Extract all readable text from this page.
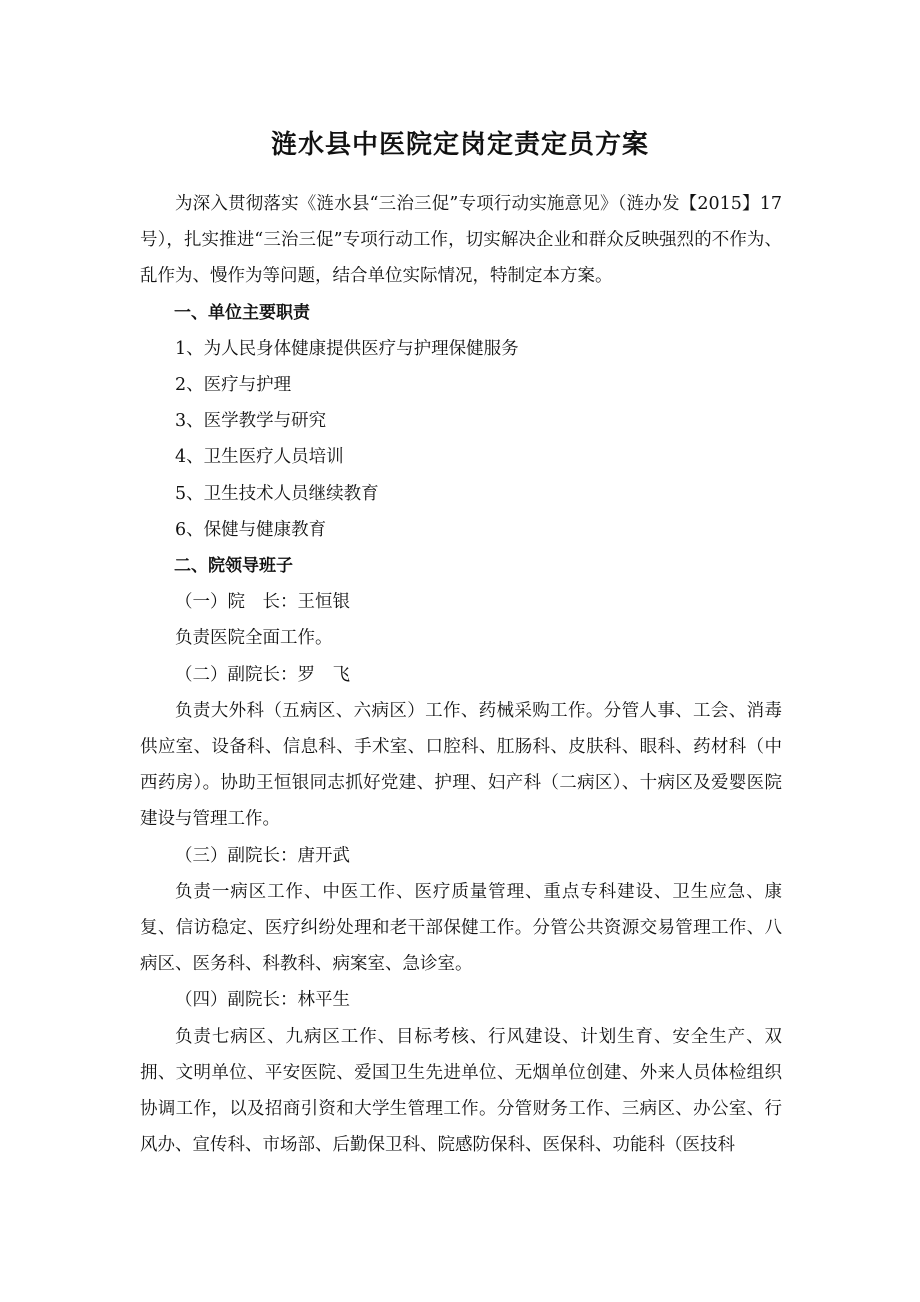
涟水县中医院定岗定责定员方案

为深入贯彻落实《涟水县“三治三促”专项行动实施意见》（涟办发【2015】17号），扎实推进“三治三促”专项行动工作，切实解决企业和群众反映强烈的不作为、乱作为、慢作为等问题，结合单位实际情况，特制定本方案。

一、单位主要职责

1、为人民身体健康提供医疗与护理保健服务

2、医疗与护理

3、医学教学与研究

4、卫生医疗人员培训

5、卫生技术人员继续教育

6、保健与健康教育

二、院领导班子

（一）院　长：王恒银

负责医院全面工作。

（二）副院长：罗　飞

负责大外科（五病区、六病区）工作、药械采购工作。分管人事、工会、消毒供应室、设备科、信息科、手术室、口腔科、肛肠科、皮肤科、眼科、药材科（中西药房）。协助王恒银同志抓好党建、护理、妇产科（二病区）、十病区及爱婴医院建设与管理工作。

（三）副院长：唐开武

负责一病区工作、中医工作、医疗质量管理、重点专科建设、卫生应急、康复、信访稳定、医疗纠纷处理和老干部保健工作。分管公共资源交易管理工作、八病区、医务科、科教科、病案室、急诊室。

（四）副院长：林平生

负责七病区、九病区工作、目标考核、行风建设、计划生育、安全生产、双拥、文明单位、平安医院、爱国卫生先进单位、无烟单位创建、外来人员体检组织协调工作，以及招商引资和大学生管理工作。分管财务工作、三病区、办公室、行风办、宣传科、市场部、后勤保卫科、院感防保科、医保科、功能科（医技科
